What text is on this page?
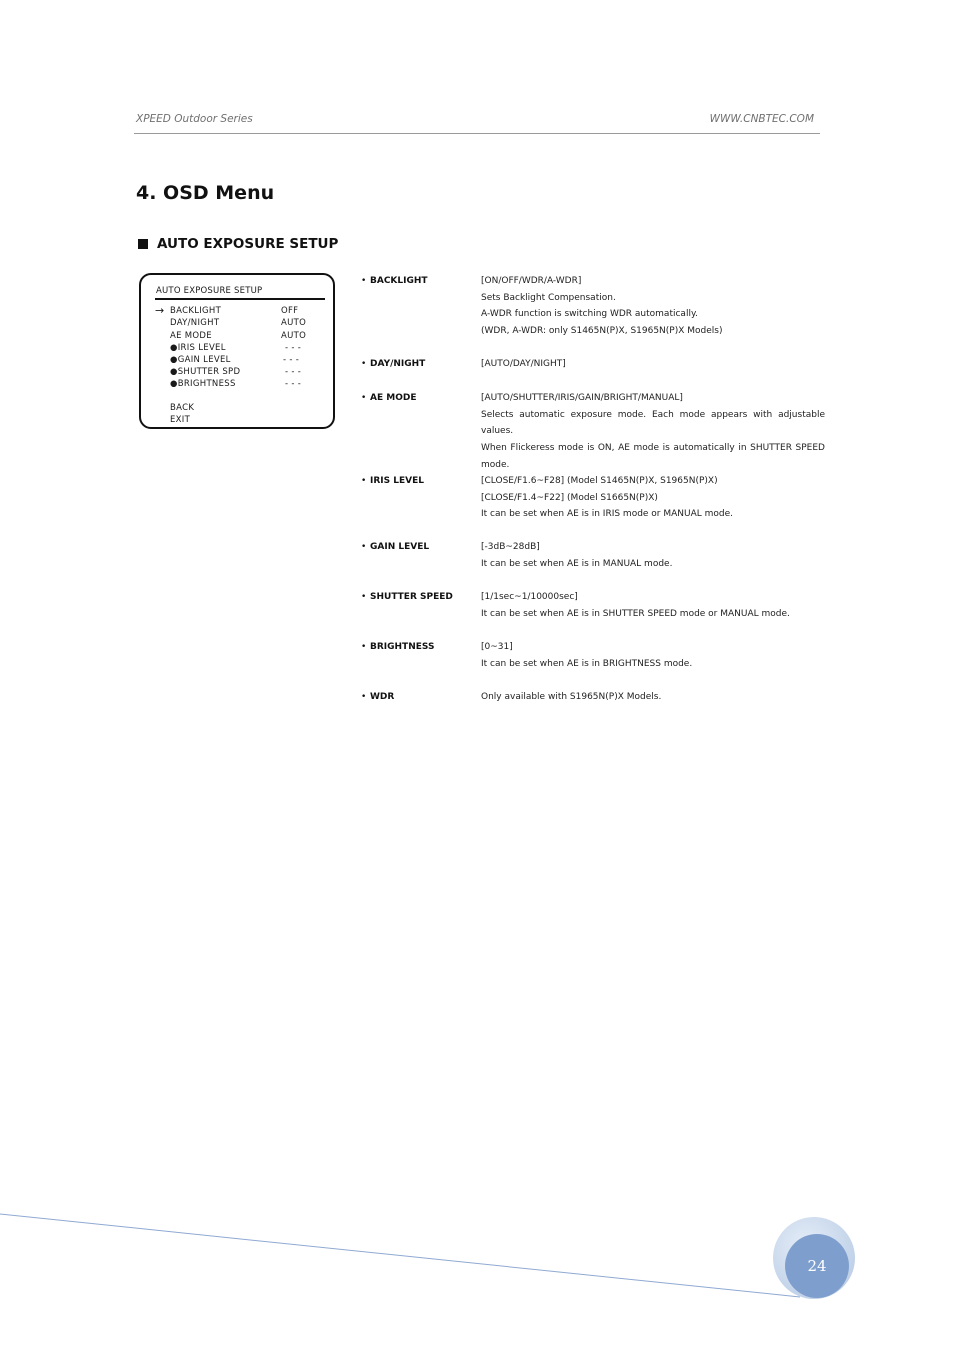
XPEED Outdoor Series	WWW.CNBTEC.COM
4. OSD Menu
AUTO EXPOSURE SETUP
AUTO EXPOSURE SETUP
→ BACKLIGHT	OFF
DAY/NIGHT	AUTO
AE MODE	AUTO
●IRIS LEVEL	- - -
●GAIN LEVEL	- - -
●SHUTTER SPD	- - -
●BRIGHTNESS	- - -
BACK
EXIT
• BACKLIGHT	[ON/OFF/WDR/A-WDR]
Sets Backlight Compensation.
A-WDR function is switching WDR automatically.
(WDR, A-WDR: only S1465N(P)X, S1965N(P)X Models)
• DAY/NIGHT	[AUTO/DAY/NIGHT]
• AE MODE	[AUTO/SHUTTER/IRIS/GAIN/BRIGHT/MANUAL]
Selects automatic exposure mode. Each mode appears with adjustable values.
When Flickeress mode is ON, AE mode is automatically in SHUTTER SPEED
mode.
• IRIS LEVEL	[CLOSE/F1.6~F28] (Model S1465N(P)X, S1965N(P)X)
[CLOSE/F1.4~F22] (Model S1665N(P)X)
It can be set when AE is in IRIS mode or MANUAL mode.
• GAIN LEVEL	[-3dB~28dB]
It can be set when AE is in MANUAL mode.
• SHUTTER SPEED	[1/1sec~1/10000sec]
It can be set when AE is in SHUTTER SPEED mode or MANUAL mode.
• BRIGHTNESS	[0~31]
It can be set when AE is in BRIGHTNESS mode.
• WDR	Only available with S1965N(P)X Models.
24
